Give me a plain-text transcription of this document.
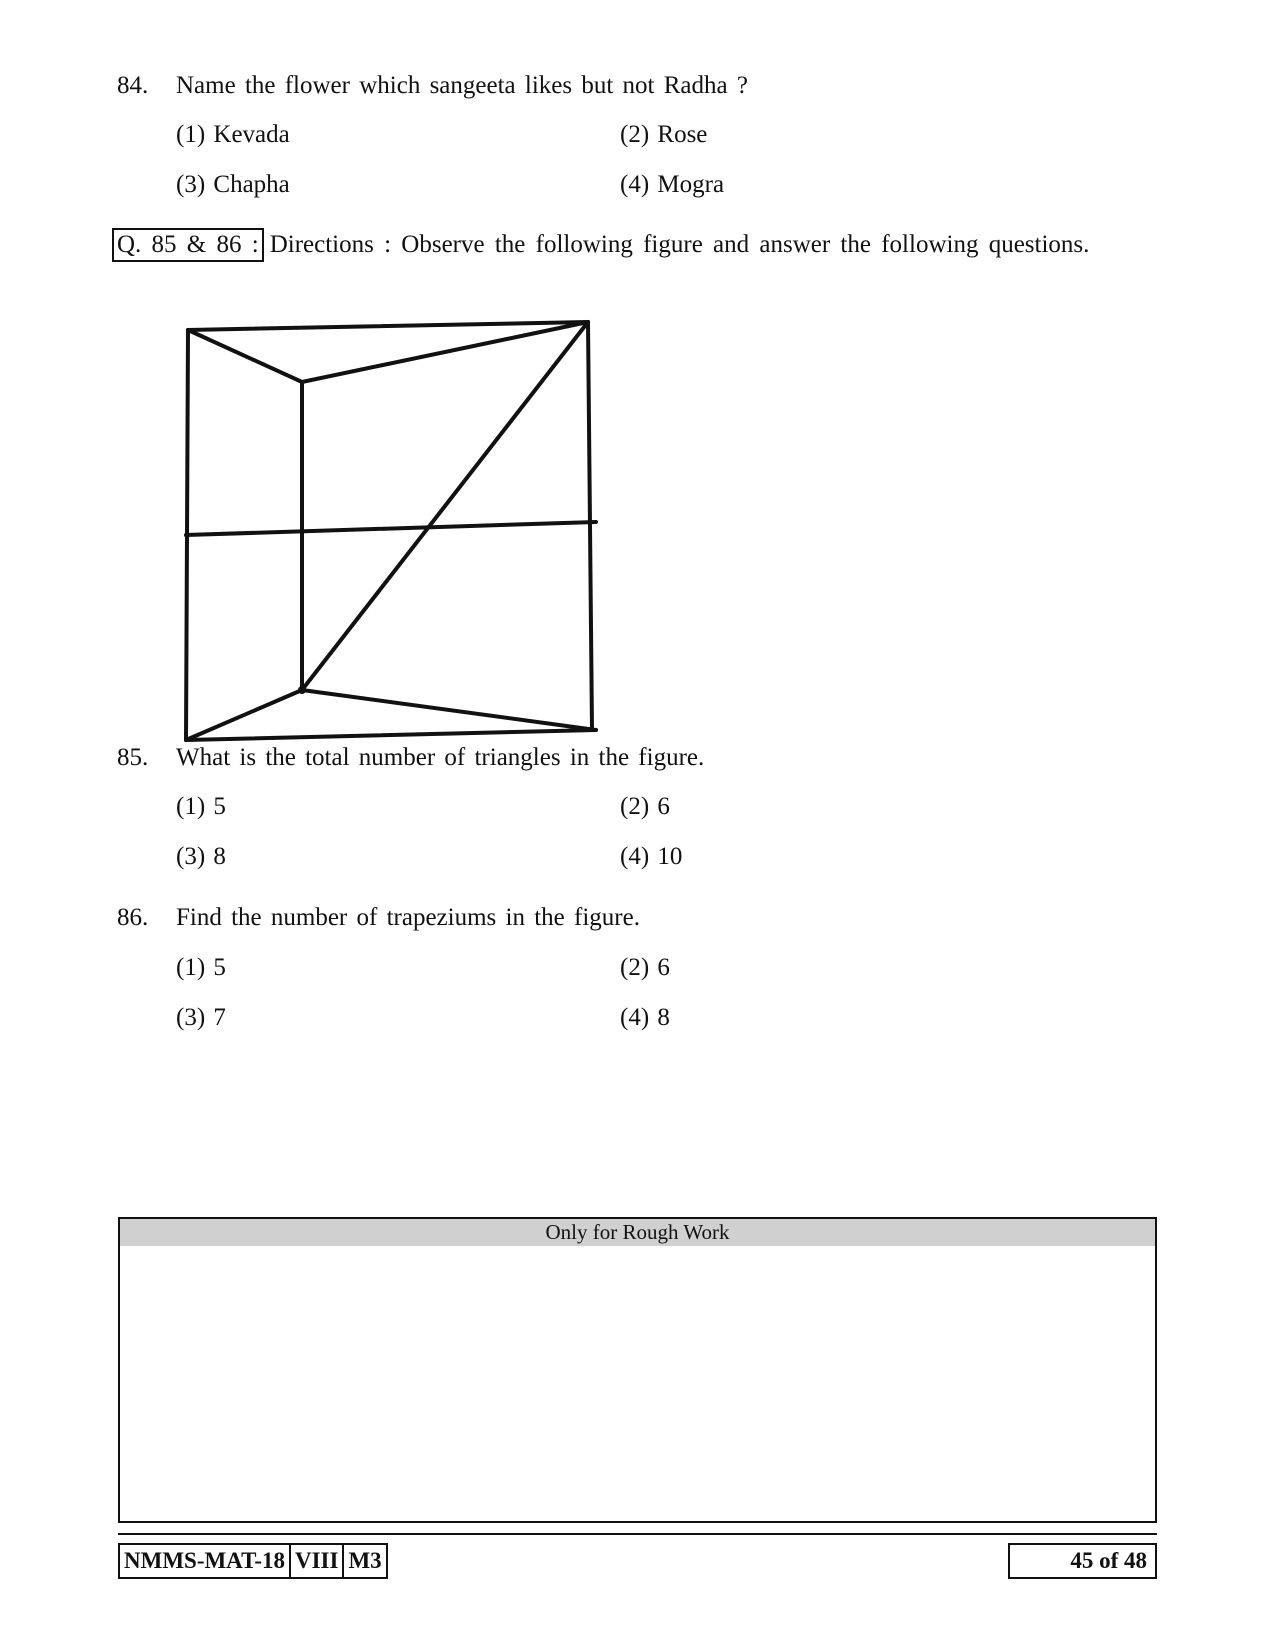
84. Name the flower which sangeeta likes but not Radha ?
(1) Kevada	(2) Rose
(3) Chapha	(4) Mogra
Q. 85 & 86 : Directions : Observe the following figure and answer the following questions.
85. What is the total number of triangles in the figure.
(1) 5	(2) 6
(3) 8	(4) 10
86. Find the number of trapeziums in the figure.
(1) 5	(2) 6
(3) 7	(4) 8
Only for Rough Work
NMMS-MAT-18 VIII M3	45 of 48
